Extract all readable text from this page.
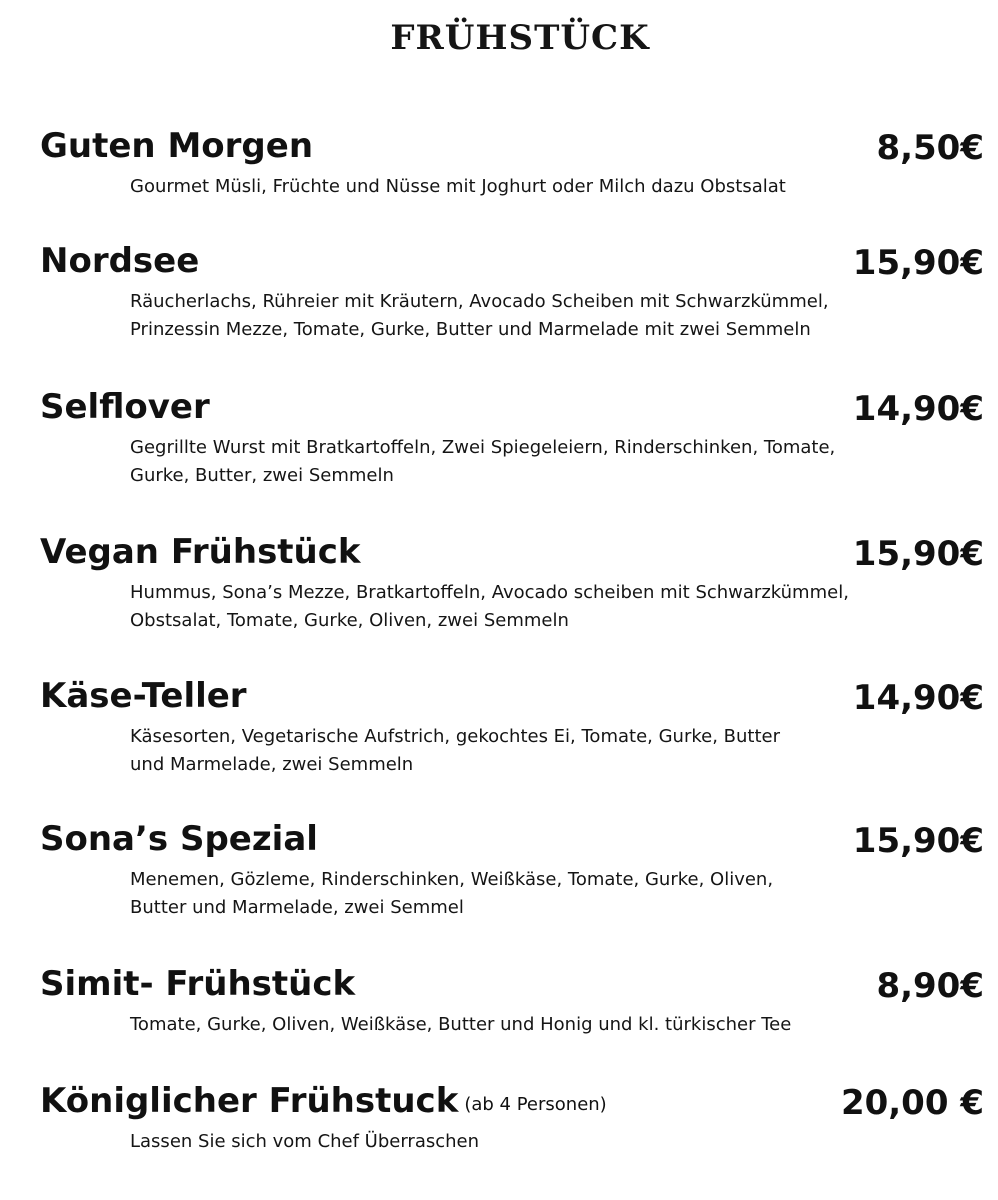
FRÜHSTÜCK
Guten Morgen	8,50€
Gourmet Müsli, Früchte und Nüsse mit Joghurt oder Milch dazu Obstsalat
Nordsee	15,90€
Räucherlachs, Rühreier mit Kräutern, Avocado Scheiben mit Schwarzkümmel,
Prinzessin Mezze, Tomate, Gurke, Butter und Marmelade mit zwei Semmeln
Selflover	14,90€
Gegrillte Wurst mit Bratkartoffeln, Zwei Spiegeleiern, Rinderschinken, Tomate,
Gurke, Butter, zwei Semmeln
Vegan Frühstück	15,90€
Hummus, Sona’s Mezze, Bratkartoffeln, Avocado scheiben mit Schwarzkümmel,
Obstsalat, Tomate, Gurke, Oliven, zwei Semmeln
Käse-Teller	14,90€
Käsesorten, Vegetarische Aufstrich, gekochtes Ei, Tomate, Gurke, Butter
und Marmelade, zwei Semmeln
Sona’s Spezial	15,90€
Menemen, Gözleme, Rinderschinken, Weißkäse, Tomate, Gurke, Oliven,
Butter und Marmelade, zwei Semmel
Simit- Frühstück	8,90€
Tomate, Gurke, Oliven, Weißkäse, Butter und Honig und kl. türkischer Tee
Königlicher Frühstuck (ab 4 Personen)	20,00 €
Lassen Sie sich vom Chef Überraschen
